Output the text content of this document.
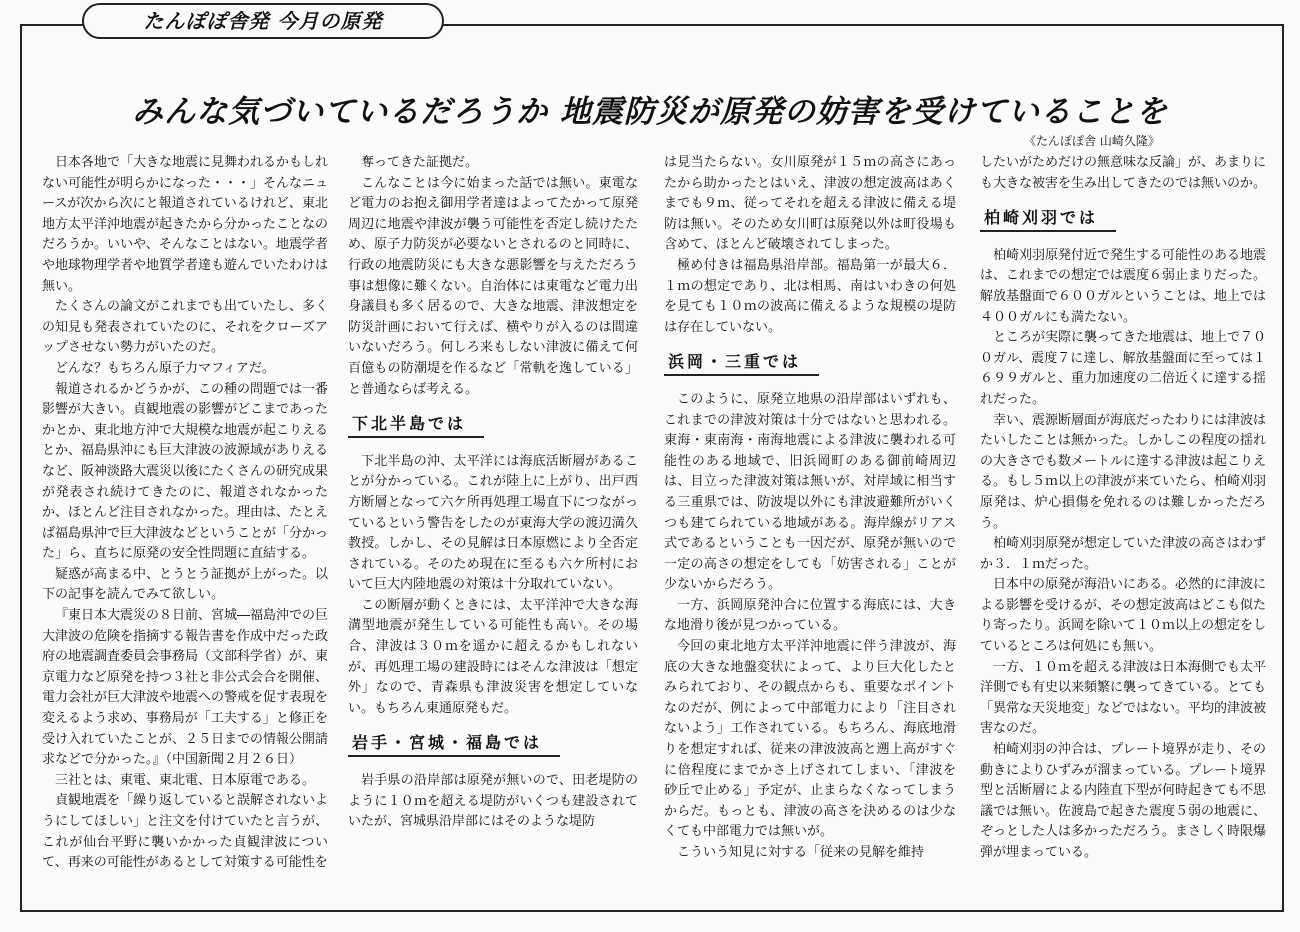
たんぽぽ舎発 今月の原発
みんな気づいているだろうか 地震防災が原発の妨害を受けていることを
《たんぽぽ舎 山崎久隆》

日本各地で「大きな地震に見舞われるかもしれない可能性が明らかになった・・・」そんなニュースが次から次にと報道されているけれど、東北地方太平洋沖地震が起きたから分かったことなのだろうか。いいや、そんなことはない。地震学者や地球物理学者や地質学者達も遊んでいたわけは無い。

たくさんの論文がこれまでも出ていたし、多くの知見も発表されていたのに、それをクローズアップさせない勢力がいたのだ。

どんな？もちろん原子力マフィアだ。

報道されるかどうかが、この種の問題では一番影響が大きい。貞観地震の影響がどこまであったかとか、東北地方沖で大規模な地震が起こりえるとか、福島県沖にも巨大津波の波源域がありえるなど、阪神淡路大震災以後にたくさんの研究成果が発表され続けてきたのに、報道されなかったか、ほとんど注目されなかった。理由は、たとえば福島県沖で巨大津波などということが「分かった」ら、直ちに原発の安全性問題に直結する。

疑惑が高まる中、とうとう証拠が上がった。以下の記事を読んでみて欲しい。

『東日本大震災の８日前、宮城―福島沖での巨大津波の危険を指摘する報告書を作成中だった政府の地震調査委員会事務局（文部科学省）が、東京電力など原発を持つ３社と非公式会合を開催、電力会社が巨大津波や地震への警戒を促す表現を変えるよう求め、事務局が「工夫する」と修正を受け入れていたことが、２５日までの情報公開請求などで分かった。』（中国新聞２月２６日）

三社とは、東電、東北電、日本原電である。

貞観地震を「繰り返していると誤解されないようにしてほしい」と注文を付けていたと言うが、これが仙台平野に襲いかかった貞観津波について、再来の可能性があるとして対策する可能性を

奪ってきた証拠だ。

こんなことは今に始まった話では無い。東電など電力のお抱え御用学者達はよってたかって原発周辺に地震や津波が襲う可能性を否定し続けたため、原子力防災が必要ないとされるのと同時に、行政の地震防災にも大きな悪影響を与えただろう事は想像に難くない。自治体には東電など電力出身議員も多く居るので、大きな地震、津波想定を防災計画において行えば、横やりが入るのは間違いないだろう。何しろ来もしない津波に備えて何百億もの防潮堤を作るなど「常軌を逸している」と普通ならば考える。

下北半島では

下北半島の沖、太平洋には海底活断層があることが分かっている。これが陸上に上がり、出戸西方断層となって六ケ所再処理工場直下につながっているという警告をしたのが東海大学の渡辺満久教授。しかし、その見解は日本原燃により全否定されている。そのため現在に至るも六ケ所村において巨大内陸地震の対策は十分取れていない。

この断層が動くときには、太平洋沖で大きな海溝型地震が発生している可能性も高い。その場合、津波は３０ｍを遥かに超えるかもしれないが、再処理工場の建設時にはそんな津波は「想定外」なので、青森県も津波災害を想定していない。もちろん東通原発もだ。

岩手・宮城・福島では

岩手県の沿岸部は原発が無いので、田老堤防のように１０ｍを超える堤防がいくつも建設されていたが、宮城県沿岸部にはそのような堤防

は見当たらない。女川原発が１５ｍの高さにあったから助かったとはいえ、津波の想定波高はあくまでも９ｍ、従ってそれを超える津波に備える堤防は無い。そのため女川町は原発以外は町役場も含めて、ほとんど破壊されてしまった。

極め付きは福島県沿岸部。福島第一が最大６．１ｍの想定であり、北は相馬、南はいわきの何処を見ても１０ｍの波高に備えるような規模の堤防は存在していない。

浜岡・三重では

このように、原発立地県の沿岸部はいずれも、これまでの津波対策は十分ではないと思われる。東海・東南海・南海地震による津波に襲われる可能性のある地域で、旧浜岡町のある御前崎周辺は、目立った津波対策は無いが、対岸域に相当する三重県では、防波堤以外にも津波避難所がいくつも建てられている地域がある。海岸線がリアス式であるということも一因だが、原発が無いので一定の高さの想定をしても「妨害される」ことが少ないからだろう。

一方、浜岡原発沖合に位置する海底には、大きな地滑り後が見つかっている。

今回の東北地方太平洋沖地震に伴う津波が、海底の大きな地盤変状によって、より巨大化したとみられており、その観点からも、重要なポイントなのだが、例によって中部電力により「注目されないよう」工作されている。もちろん、海底地滑りを想定すれば、従来の津波波高と遡上高がすぐに倍程度にまでかさ上げされてしまい、「津波を砂丘で止める」予定が、止まらなくなってしまうからだ。もっとも、津波の高さを決めるのは少なくても中部電力では無いが。

こういう知見に対する「従来の見解を維持

したいがためだけの無意味な反論」が、あまりにも大きな被害を生み出してきたのでは無いのか。

柏崎刈羽では

柏崎刈羽原発付近で発生する可能性のある地震は、これまでの想定では震度６弱止まりだった。解放基盤面で６００ガルということは、地上では４００ガルにも満たない。

ところが実際に襲ってきた地震は、地上で７００ガル、震度７に達し、解放基盤面に至っては１６９９ガルと、重力加速度の二倍近くに達する揺れだった。

幸い、震源断層面が海底だったわりには津波はたいしたことは無かった。しかしこの程度の揺れの大きさでも数メートルに達する津波は起こりえる。もし５ｍ以上の津波が来ていたら、柏崎刈羽原発は、炉心損傷を免れるのは難しかっただろう。

柏崎刈羽原発が想定していた津波の高さはわずか３．１ｍだった。

日本中の原発が海沿いにある。必然的に津波による影響を受けるが、その想定波高はどこも似たり寄ったり。浜岡を除いて１０ｍ以上の想定をしているところは何処にも無い。

一方、１０ｍを超える津波は日本海側でも太平洋側でも有史以来頻繁に襲ってきている。とても「異常な天災地変」などではない。平均的津波被害なのだ。

柏崎刈羽の沖合は、プレート境界が走り、その動きによりひずみが溜まっている。プレート境界型と活断層による内陸直下型が何時起きても不思議では無い。佐渡島で起きた震度５弱の地震に、ぞっとした人は多かっただろう。まさしく時限爆弾が埋まっている。
